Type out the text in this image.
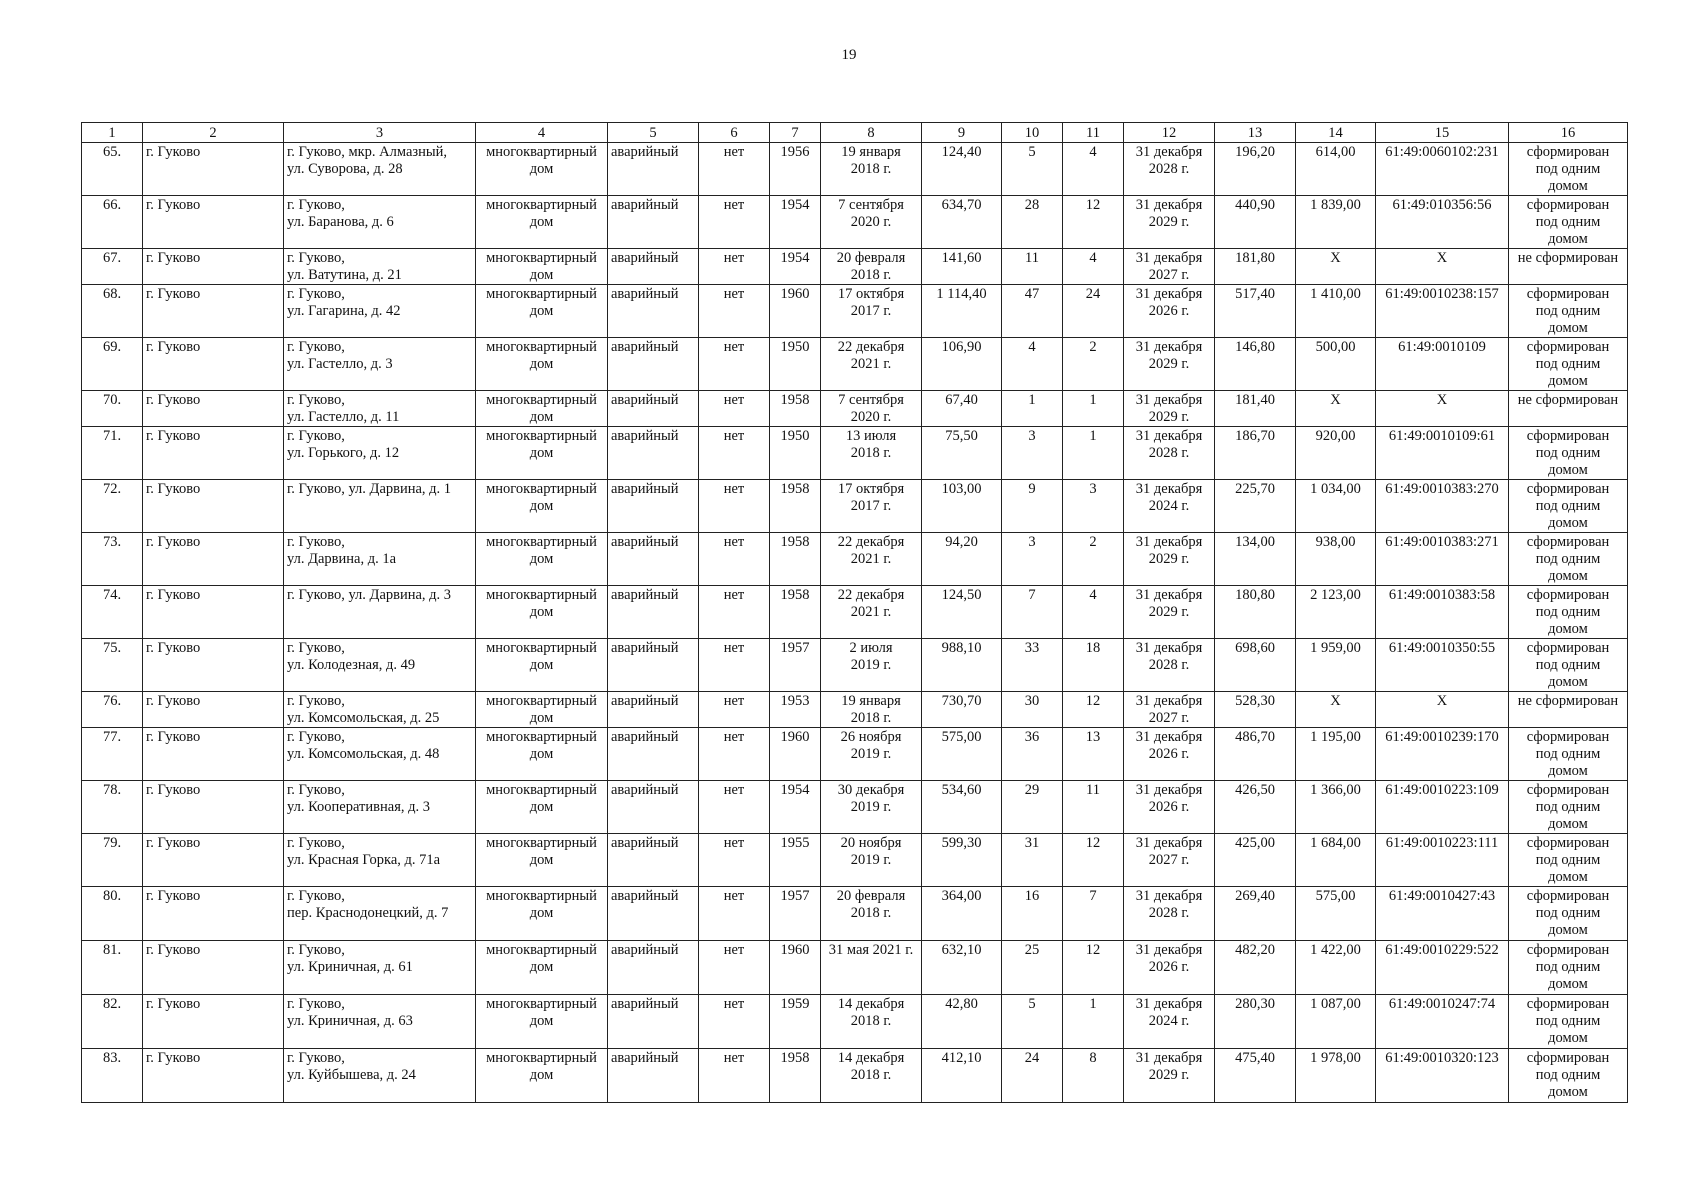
19
1	2	3	4	5	6	7	8	9	10	11	12	13	14	15	16
65.	г. Гуково	г. Гуково, мкр. Алмазный,
ул. Суворова, д. 28	многоквартирный
дом	аварийный	нет	1956	19 января
2018 г.	124,40	5	4	31 декабря
2028 г.	196,20	614,00	61:49:0060102:231	сформирован
под одним
домом

66.	г. Гуково	г. Гуково,
ул. Баранова, д. 6	многоквартирный
дом	аварийный	нет	1954	7 сентября
2020 г.	634,70	28	12	31 декабря
2029 г.	440,90	1 839,00	61:49:010356:56	сформирован
под одним
домом

67.	г. Гуково	г. Гуково,
ул. Ватутина, д. 21	многоквартирный
дом	аварийный	нет	1954	20 февраля
2018 г.	141,60	11	4	31 декабря
2027 г.	181,80	X	X	не сформирован

68.	г. Гуково	г. Гуково,
ул. Гагарина, д. 42	многоквартирный
дом	аварийный	нет	1960	17 октября
2017 г.	1 114,40	47	24	31 декабря
2026 г.	517,40	1 410,00	61:49:0010238:157	сформирован
под одним
домом

69.	г. Гуково	г. Гуково,
ул. Гастелло, д. 3	многоквартирный
дом	аварийный	нет	1950	22 декабря
2021 г.	106,90	4	2	31 декабря
2029 г.	146,80	500,00	61:49:0010109	сформирован
под одним
домом

70.	г. Гуково	г. Гуково,
ул. Гастелло, д. 11	многоквартирный
дом	аварийный	нет	1958	7 сентября
2020 г.	67,40	1	1	31 декабря
2029 г.	181,40	X	X	не сформирован

71.	г. Гуково	г. Гуково,
ул. Горького, д. 12	многоквартирный
дом	аварийный	нет	1950	13 июля
2018 г.	75,50	3	1	31 декабря
2028 г.	186,70	920,00	61:49:0010109:61	сформирован
под одним
домом

72.	г. Гуково	г. Гуково, ул. Дарвина, д. 1	многоквартирный
дом	аварийный	нет	1958	17 октября
2017 г.	103,00	9	3	31 декабря
2024 г.	225,70	1 034,00	61:49:0010383:270	сформирован
под одним
домом

73.	г. Гуково	г. Гуково,
ул. Дарвина, д. 1а	многоквартирный
дом	аварийный	нет	1958	22 декабря
2021 г.	94,20	3	2	31 декабря
2029 г.	134,00	938,00	61:49:0010383:271	сформирован
под одним
домом

74.	г. Гуково	г. Гуково, ул. Дарвина, д. 3	многоквартирный
дом	аварийный	нет	1958	22 декабря
2021 г.	124,50	7	4	31 декабря
2029 г.	180,80	2 123,00	61:49:0010383:58	сформирован
под одним
домом

75.	г. Гуково	г. Гуково,
ул. Колодезная, д. 49	многоквартирный
дом	аварийный	нет	1957	2 июля
2019 г.	988,10	33	18	31 декабря
2028 г.	698,60	1 959,00	61:49:0010350:55	сформирован
под одним
домом

76.	г. Гуково	г. Гуково,
ул. Комсомольская, д. 25	многоквартирный
дом	аварийный	нет	1953	19 января
2018 г.	730,70	30	12	31 декабря
2027 г.	528,30	X	X	не сформирован

77.	г. Гуково	г. Гуково,
ул. Комсомольская, д. 48	многоквартирный
дом	аварийный	нет	1960	26 ноября
2019 г.	575,00	36	13	31 декабря
2026 г.	486,70	1 195,00	61:49:0010239:170	сформирован
под одним
домом

78.	г. Гуково	г. Гуково,
ул. Кооперативная, д. 3	многоквартирный
дом	аварийный	нет	1954	30 декабря
2019 г.	534,60	29	11	31 декабря
2026 г.	426,50	1 366,00	61:49:0010223:109	сформирован
под одним
домом

79.	г. Гуково	г. Гуково,
ул. Красная Горка, д. 71а	многоквартирный
дом	аварийный	нет	1955	20 ноября
2019 г.	599,30	31	12	31 декабря
2027 г.	425,00	1 684,00	61:49:0010223:111	сформирован
под одним
домом

80.	г. Гуково	г. Гуково,
пер. Краснодонецкий, д. 7	многоквартирный
дом	аварийный	нет	1957	20 февраля
2018 г.	364,00	16	7	31 декабря
2028 г.	269,40	575,00	61:49:0010427:43	сформирован
под одним
домом

81.	г. Гуково	г. Гуково,
ул. Криничная, д. 61	многоквартирный
дом	аварийный	нет	1960	31 мая 2021 г.	632,10	25	12	31 декабря
2026 г.	482,20	1 422,00	61:49:0010229:522	сформирован
под одним
домом

82.	г. Гуково	г. Гуково,
ул. Криничная, д. 63	многоквартирный
дом	аварийный	нет	1959	14 декабря
2018 г.	42,80	5	1	31 декабря
2024 г.	280,30	1 087,00	61:49:0010247:74	сформирован
под одним
домом

83.	г. Гуково	г. Гуково,
ул. Куйбышева, д. 24	многоквартирный
дом	аварийный	нет	1958	14 декабря
2018 г.	412,10	24	8	31 декабря
2029 г.	475,40	1 978,00	61:49:0010320:123	сформирован
под одним
домом
